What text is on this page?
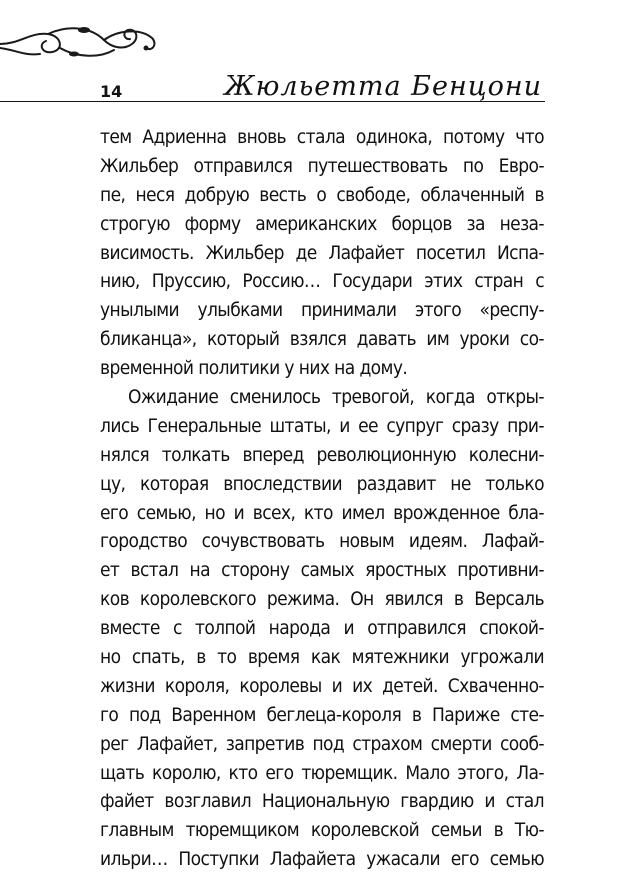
14	Жюльетта Бенцони
тем Адриенна вновь стала одинока, потому что
Жильбер отправился путешествовать по Евро-
пе, неся добрую весть о свободе, облаченный в
строгую форму американских борцов за неза-
висимость. Жильбер де Лафайет посетил Испа-
нию, Пруссию, Россию… Государи этих стран с
унылыми улыбками принимали этого «респу-
бликанца», который взялся давать им уроки со-
временной политики у них на дому.
Ожидание сменилось тревогой, когда откры-
лись Генеральные штаты, и ее супруг сразу при-
нялся толкать вперед революционную колесни-
цу, которая впоследствии раздавит не только
его семью, но и всех, кто имел врожденное бла-
городство сочувствовать новым идеям. Лафай-
ет встал на сторону самых яростных противни-
ков королевского режима. Он явился в Версаль
вместе с толпой народа и отправился спокой-
но спать, в то время как мятежники угрожали
жизни короля, королевы и их детей. Схваченно-
го под Варенном беглеца-короля в Париже сте-
рег Лафайет, запретив под страхом смерти сооб-
щать королю, кто его тюремщик. Мало этого, Ла-
файет возглавил Национальную гвардию и стал
главным тюремщиком королевской семьи в Тю-
ильри… Поступки Лафайета ужасали его семью
